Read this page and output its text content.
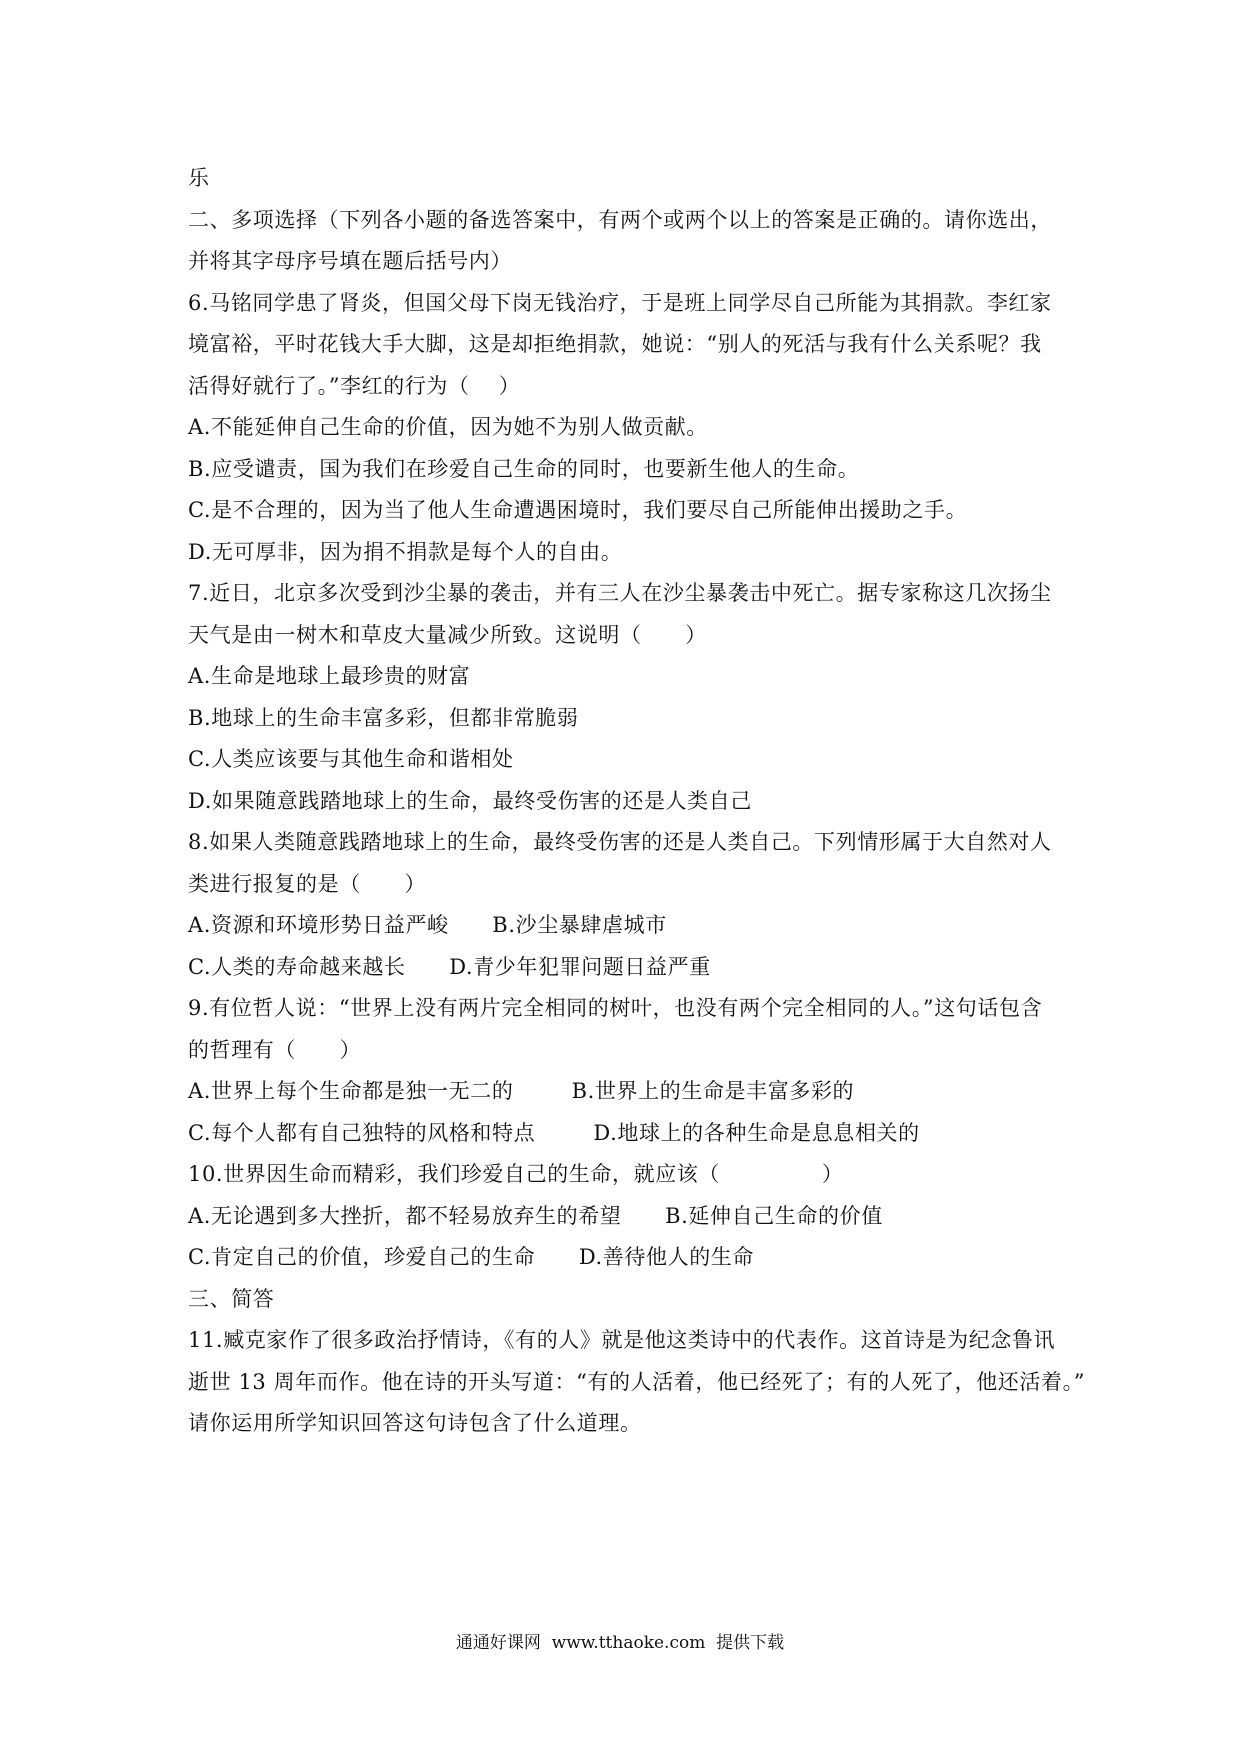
乐
二、多项选择（下列各小题的备选答案中，有两个或两个以上的答案是正确的。请你选出，
并将其字母序号填在题后括号内）
6.马铭同学患了肾炎，但国父母下岗无钱治疗，于是班上同学尽自己所能为其捐款。李红家
境富裕，平时花钱大手大脚，这是却拒绝捐款，她说：“别人的死活与我有什么关系呢？我
活得好就行了。”李红的行为（    ）
A.不能延伸自己生命的价值，因为她不为别人做贡献。
B.应受谴责，国为我们在珍爱自己生命的同时，也要新生他人的生命。
C.是不合理的，因为当了他人生命遭遇困境时，我们要尽自己所能伸出援助之手。
D.无可厚非，因为捐不捐款是每个人的自由。
7.近日，北京多次受到沙尘暴的袭击，并有三人在沙尘暴袭击中死亡。据专家称这几次扬尘
天气是由一树木和草皮大量减少所致。这说明（      ）
A.生命是地球上最珍贵的财富
B.地球上的生命丰富多彩，但都非常脆弱
C.人类应该要与其他生命和谐相处
D.如果随意践踏地球上的生命，最终受伤害的还是人类自己
8.如果人类随意践踏地球上的生命，最终受伤害的还是人类自己。下列情形属于大自然对人
类进行报复的是（      ）
A.资源和环境形势日益严峻      B.沙尘暴肆虐城市
C.人类的寿命越来越长      D.青少年犯罪问题日益严重
9.有位哲人说：“世界上没有两片完全相同的树叶，也没有两个完全相同的人。”这句话包含
的哲理有（      ）
A.世界上每个生命都是独一无二的        B.世界上的生命是丰富多彩的
C.每个人都有自己独特的风格和特点        D.地球上的各种生命是息息相关的
10.世界因生命而精彩，我们珍爱自己的生命，就应该（              ）
A.无论遇到多大挫折，都不轻易放弃生的希望      B.延伸自己生命的价值
C.肯定自己的价值，珍爱自己的生命      D.善待他人的生命
三、简答
11.臧克家作了很多政治抒情诗，《有的人》就是他这类诗中的代表作。这首诗是为纪念鲁讯
逝世 13 周年而作。他在诗的开头写道：“有的人活着，他已经死了；有的人死了，他还活着。”
请你运用所学知识回答这句诗包含了什么道理。
通通好课网  www.tthaoke.com  提供下载
